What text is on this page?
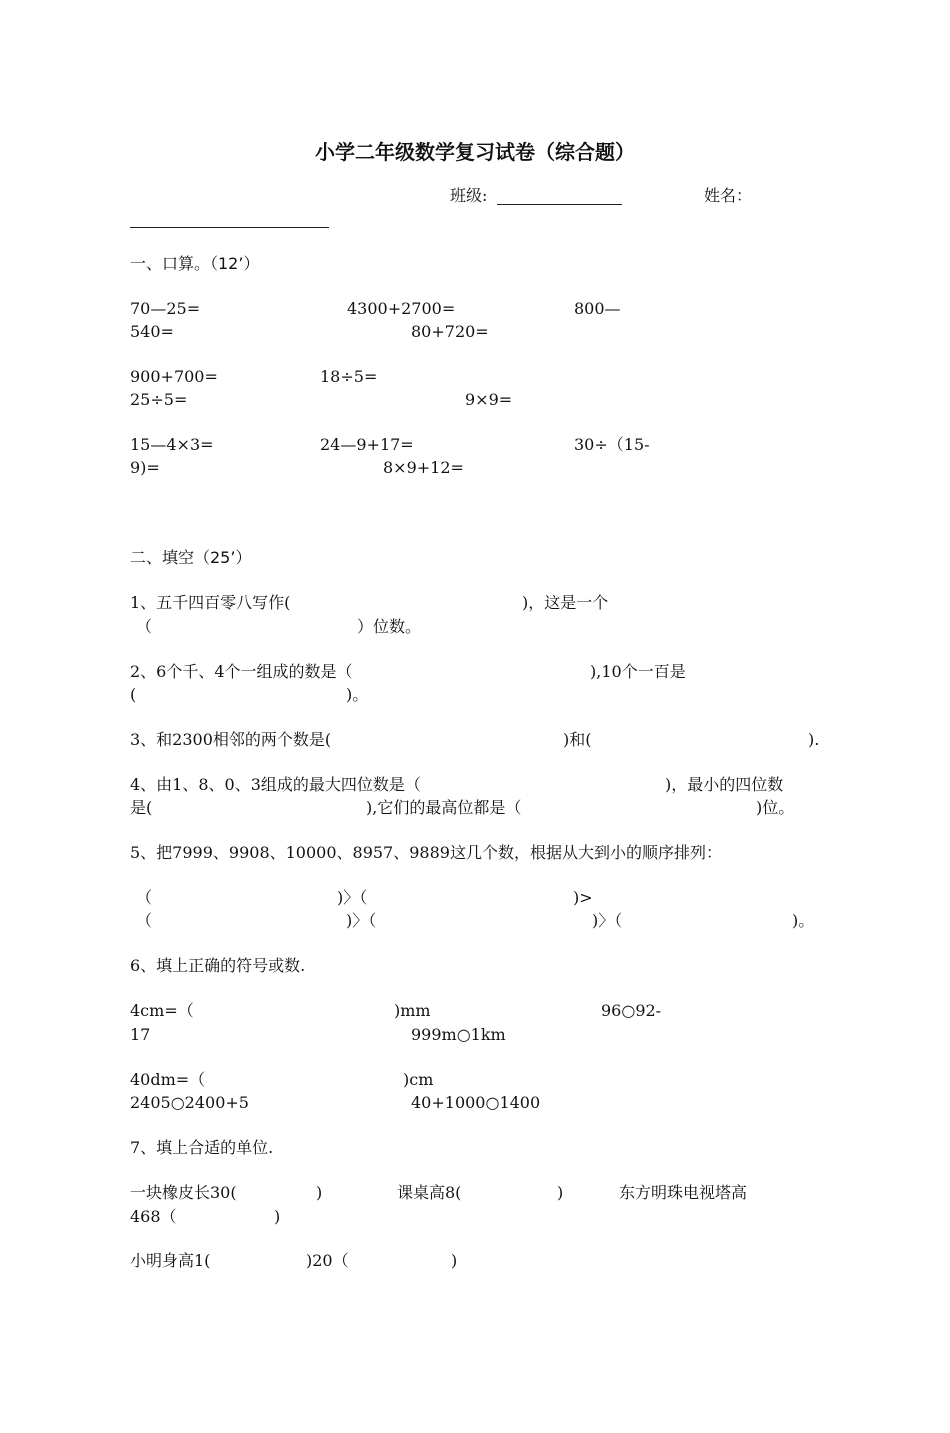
小学二年级数学复习试卷（综合题）
班级:	姓名：
一、口算。（12’）
70—25=	4300+2700=	800—
540=	80+720=
900+700=	18÷5=
25÷5=	9×9=
15—4×3=	24—9+17=	30÷（15-
9)=	8×9+12=
二、填空（25’）
1、五千四百零八写作(	)，这是一个
（	）位数。
2、6个千、4个一组成的数是（	),10个一百是
(	)。
3、和2300相邻的两个数是(	)和(	).
4、由1、8、0、3组成的最大四位数是（	)，最小的四位数
是(	),它们的最高位都是（	)位。
5、把7999、9908、10000、8957、9889这几个数，根据从大到小的顺序排列：
（	)〉（	)>
（	)〉（	)〉（	)。
6、填上正确的符号或数.
4cm=（	)mm	96○92-
17	999m○1km
40dm=（	)cm
2405○2400+5	40+1000○1400
7、填上合适的单位.
一块橡皮长30(	)	课桌高8(	)	东方明珠电视塔高
468（	)
小明身高1(	)20（	)
